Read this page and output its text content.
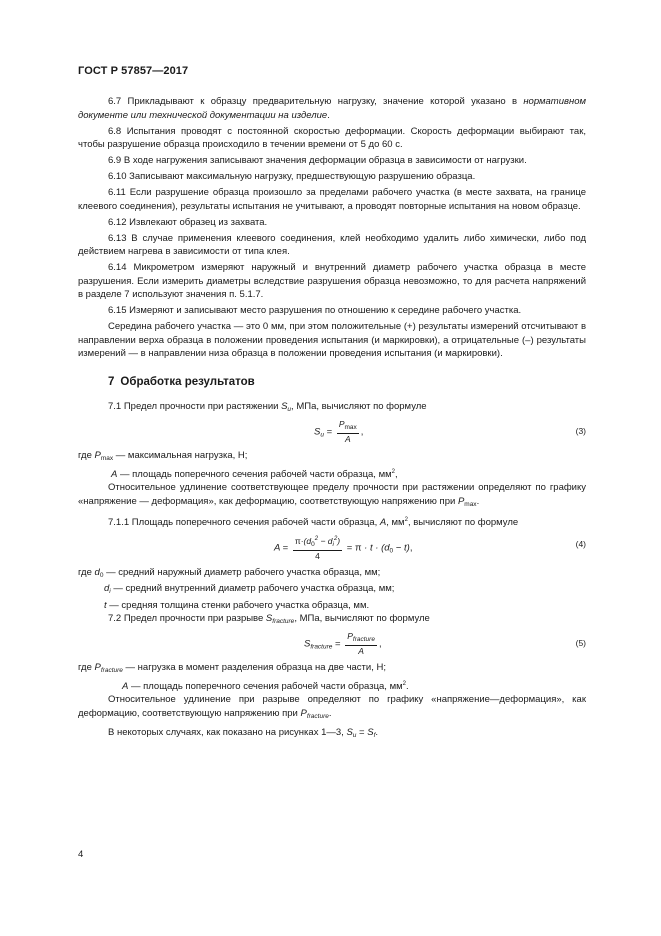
ГОСТ Р 57857—2017

6.7 Прикладывают к образцу предварительную нагрузку, значение которой указано в нормативном документе или технической документации на изделие.

6.8 Испытания проводят с постоянной скоростью деформации. Скорость деформации выбирают так, чтобы разрушение образца происходило в течении времени от 5 до 60 с.

6.9 В ходе нагружения записывают значения деформации образца в зависимости от нагрузки.

6.10 Записывают максимальную нагрузку, предшествующую разрушению образца.

6.11 Если разрушение образца произошло за пределами рабочего участка (в месте захвата, на границе клеевого соединения), результаты испытания не учитывают, а проводят повторные испытания на новом образце.

6.12 Извлекают образец из захвата.

6.13 В случае применения клеевого соединения, клей необходимо удалить либо химически, либо под действием нагрева в зависимости от типа клея.

6.14 Микрометром измеряют наружный и внутренний диаметр рабочего участка образца в месте разрушения. Если измерить диаметры вследствие разрушения образца невозможно, то для расчета напряжений в разделе 7 используют значения п. 5.1.7.

6.15 Измеряют и записывают место разрушения по отношению к середине рабочего участка.

Середина рабочего участка — это 0 мм, при этом положительные (+) результаты измерений отсчитывают в направлении верха образца в положении проведения испытания (и маркировки), а отрицательные (–) результаты измерений — в направлении низа образца в положении проведения испытания (и маркировки).

7 Обработка результатов

7.1 Предел прочности при растяжении $S_u$, МПа, вычисляют по формуле

$S_u = \frac{P_{max}}{A}$ ,	(3)

где $P_{max}$ — максимальная нагрузка, Н;

A — площадь поперечного сечения рабочей части образца, $мм^2$,

Относительное удлинение соответствующее пределу прочности при растяжении определяют по графику «напряжение — деформация», как деформацию, соответствующую напряжению при $P_{max}$.

7.1.1 Площадь поперечного сечения рабочей части образца, A, $мм^2$, вычисляют по формуле

$A = \frac{\pi\cdot(d_0^2 - d_i^2)}{4} = \pi \cdot t \cdot (d_0 - t)$,	(4)

где $d_0$ — средний наружный диаметр рабочего участка образца, мм;

$d_i$ — средний внутренний диаметр рабочего участка образца, мм;

t — средняя толщина стенки рабочего участка образца, мм.

7.2 Предел прочности при разрыве $S_{fracture}$, МПа, вычисляют по формуле

$S_{fracture} = \frac{P_{fracture}}{A}$ ,	(5)

где $P_{fracture}$ — нагрузка в момент разделения образца на две части, Н;

A — площадь поперечного сечения рабочей части образца, $мм^2$.

Относительное удлинение при разрыве определяют по графику «напряжение—деформация», как деформацию, соответствующую напряжению при $P_{fracture}$.

В некоторых случаях, как показано на рисунках 1—3, $S_u = S_f$.

4
